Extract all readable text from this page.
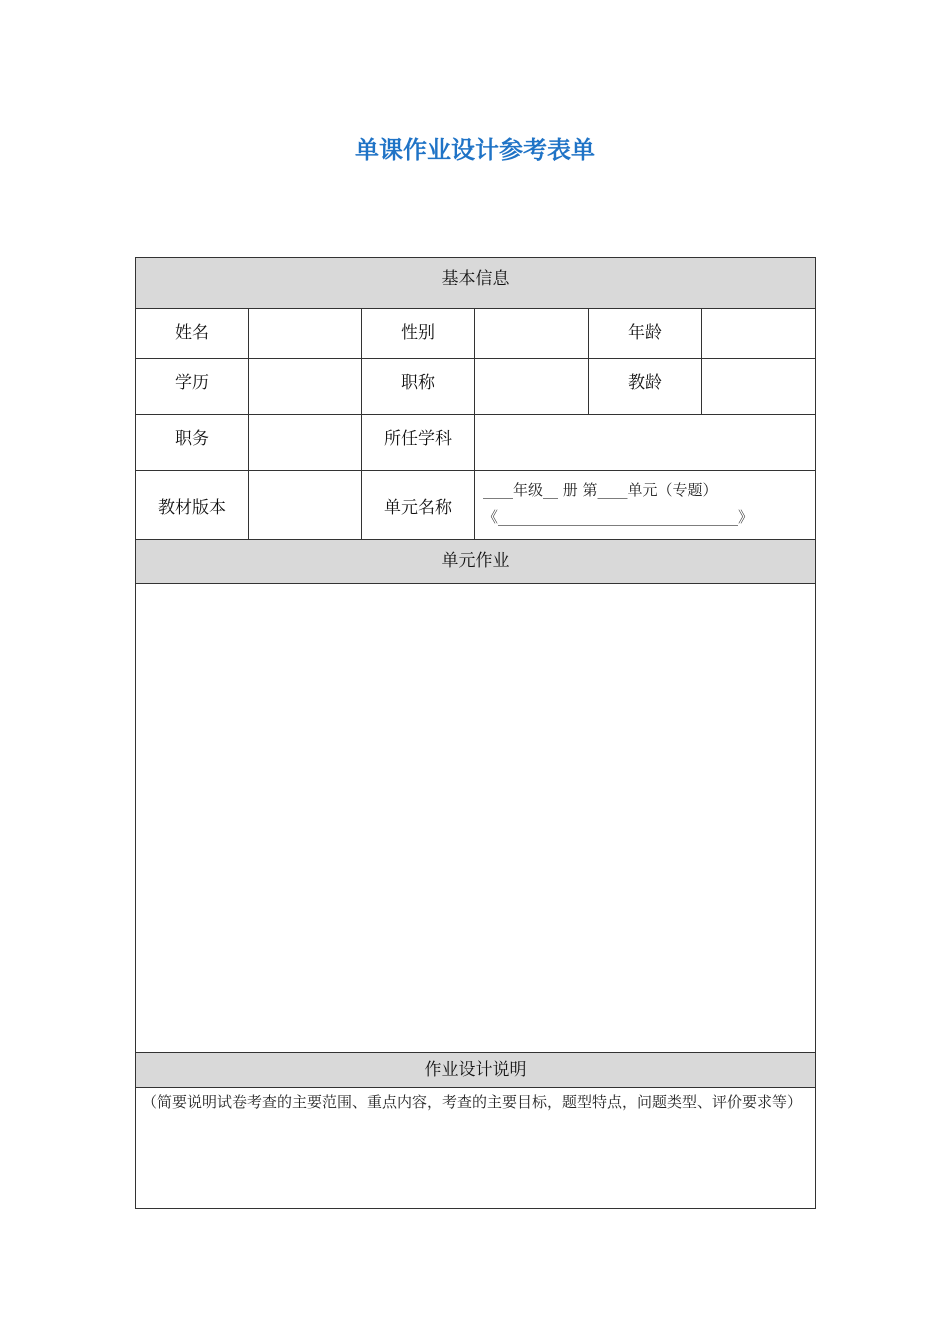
单课作业设计参考表单
基本信息					
姓名		性别		年龄	
学历		职称		教龄	
职务		所任学科			
教材版本		单元名称	____年级__ 册 第____单元（专题）
《________________________________》		

单元作业					

作业设计说明					
（简要说明试卷考查的主要范围、重点内容，考查的主要目标，题型特点，问题类型、评价要求等）					
